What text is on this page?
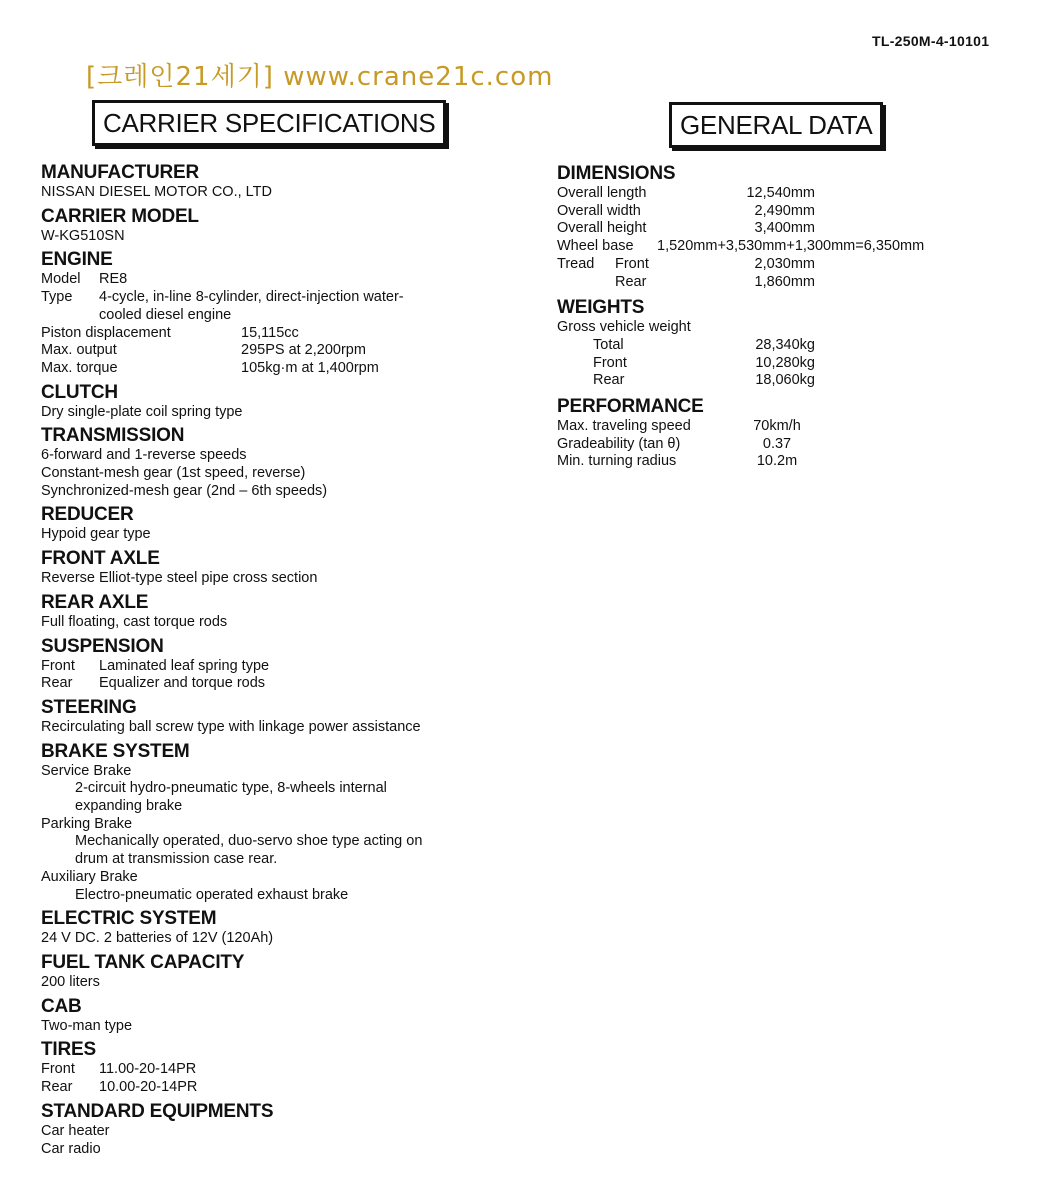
TL-250M-4-10101
[크레인21세기] www.crane21c.com
CARRIER SPECIFICATIONS	GENERAL DATA
MANUFACTURER
NISSAN DIESEL MOTOR CO., LTD
CARRIER MODEL
W-KG510SN
ENGINE
Model	RE8
Type	4-cycle, in-line 8-cylinder, direct-injection water-
cooled diesel engine
Piston displacement	15,115cc
Max. output	295PS at 2,200rpm
Max. torque	105kg·m at 1,400rpm
CLUTCH
Dry single-plate coil spring type
TRANSMISSION
6-forward and 1-reverse speeds
Constant-mesh gear (1st speed, reverse)
Synchronized-mesh gear (2nd – 6th speeds)
REDUCER
Hypoid gear type
FRONT AXLE
Reverse Elliot-type steel pipe cross section
REAR AXLE
Full floating, cast torque rods
SUSPENSION
Front	Laminated leaf spring type
Rear	Equalizer and torque rods
STEERING
Recirculating ball screw type with linkage power assistance
BRAKE SYSTEM
Service Brake
2-circuit hydro-pneumatic type, 8-wheels internal
expanding brake
Parking Brake
Mechanically operated, duo-servo shoe type acting on
drum at transmission case rear.
Auxiliary Brake
Electro-pneumatic operated exhaust brake
ELECTRIC SYSTEM
24 V DC. 2 batteries of 12V (120Ah)
FUEL TANK CAPACITY
200 liters
CAB
Two-man type
TIRES
Front	11.00-20-14PR
Rear	10.00-20-14PR
STANDARD EQUIPMENTS
Car heater
Car radio
DIMENSIONS
Overall length	12,540mm
Overall width	2,490mm
Overall height	3,400mm
Wheel base	1,520mm+3,530mm+1,300mm=6,350mm
Tread	Front	2,030mm
Rear	1,860mm
WEIGHTS
Gross vehicle weight
Total	28,340kg
Front	10,280kg
Rear	18,060kg
PERFORMANCE
Max. traveling speed	70km/h
Gradeability (tan θ)	0.37
Min. turning radius	10.2m
